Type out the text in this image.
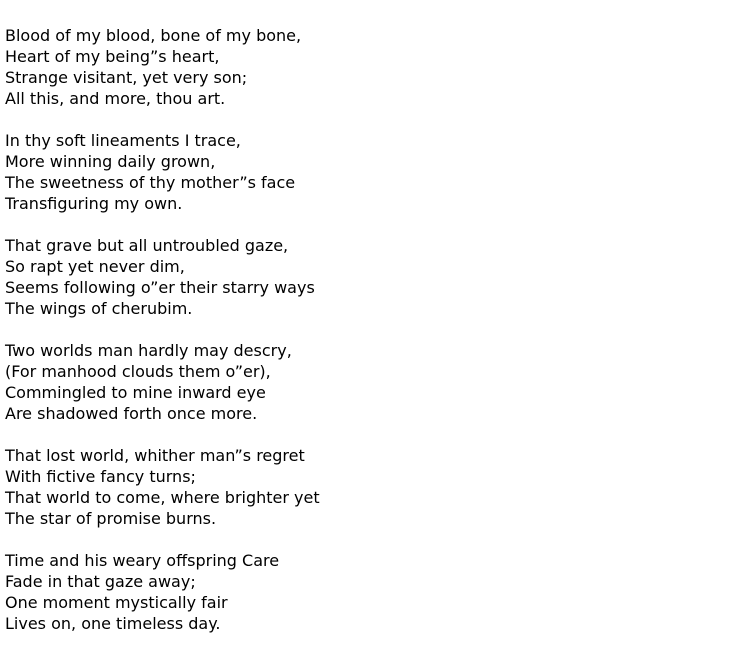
Blood of my blood, bone of my bone,
Heart of my being”s heart,
Strange visitant, yet very son;
All this, and more, thou art.
In thy soft lineaments I trace,
More winning daily grown,
The sweetness of thy mother”s face
Transfiguring my own.
That grave but all untroubled gaze,
So rapt yet never dim,
Seems following o”er their starry ways
The wings of cherubim.
Two worlds man hardly may descry,
(For manhood clouds them o”er),
Commingled to mine inward eye
Are shadowed forth once more.
That lost world, whither man”s regret
With fictive fancy turns;
That world to come, where brighter yet
The star of promise burns.
Time and his weary offspring Care
Fade in that gaze away;
One moment mystically fair
Lives on, one timeless day.
